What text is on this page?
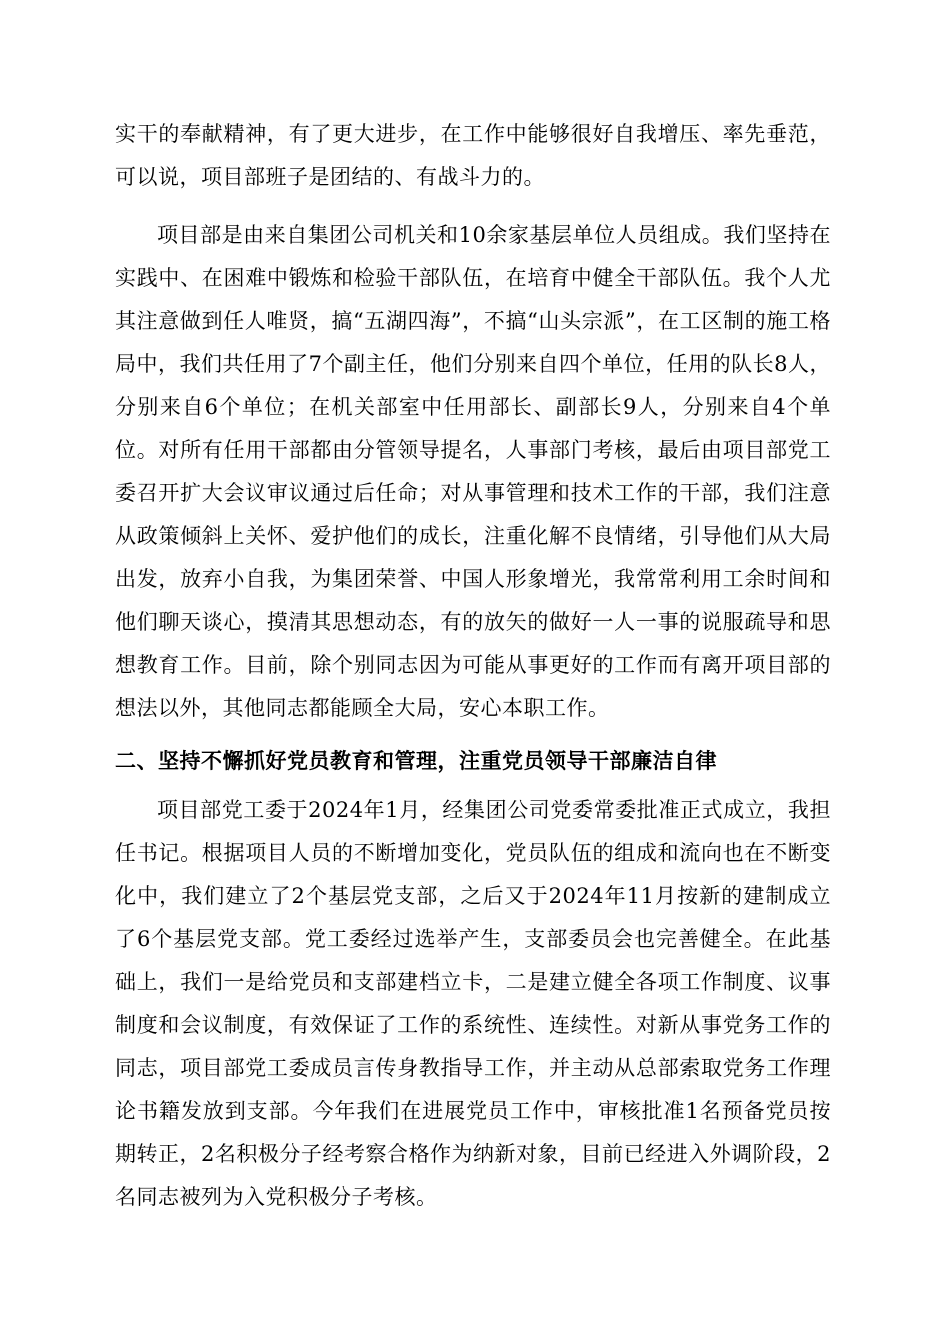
实干的奉献精神，有了更大进步，在工作中能够很好自我增压、率先垂范，可以说，项目部班子是团结的、有战斗力的。

项目部是由来自集团公司机关和10余家基层单位人员组成。我们坚持在实践中、在困难中锻炼和检验干部队伍，在培育中健全干部队伍。我个人尤其注意做到任人唯贤，搞“五湖四海”，不搞“山头宗派”，在工区制的施工格局中，我们共任用了7个副主任，他们分别来自四个单位，任用的队长8人，分别来自6个单位；在机关部室中任用部长、副部长9人，分别来自4个单位。对所有任用干部都由分管领导提名，人事部门考核，最后由项目部党工委召开扩大会议审议通过后任命；对从事管理和技术工作的干部，我们注意从政策倾斜上关怀、爱护他们的成长，注重化解不良情绪，引导他们从大局出发，放弃小自我，为集团荣誉、中国人形象增光，我常常利用工余时间和他们聊天谈心，摸清其思想动态，有的放矢的做好一人一事的说服疏导和思想教育工作。目前，除个别同志因为可能从事更好的工作而有离开项目部的想法以外，其他同志都能顾全大局，安心本职工作。

二、坚持不懈抓好党员教育和管理，注重党员领导干部廉洁自律

项目部党工委于2024年1月，经集团公司党委常委批准正式成立，我担任书记。根据项目人员的不断增加变化，党员队伍的组成和流向也在不断变化中，我们建立了2个基层党支部，之后又于2024年11月按新的建制成立了6个基层党支部。党工委经过选举产生，支部委员会也完善健全。在此基础上，我们一是给党员和支部建档立卡，二是建立健全各项工作制度、议事制度和会议制度，有效保证了工作的系统性、连续性。对新从事党务工作的同志，项目部党工委成员言传身教指导工作，并主动从总部索取党务工作理论书籍发放到支部。今年我们在进展党员工作中，审核批准1名预备党员按期转正，2名积极分子经考察合格作为纳新对象，目前已经进入外调阶段，2名同志被列为入党积极分子考核。
